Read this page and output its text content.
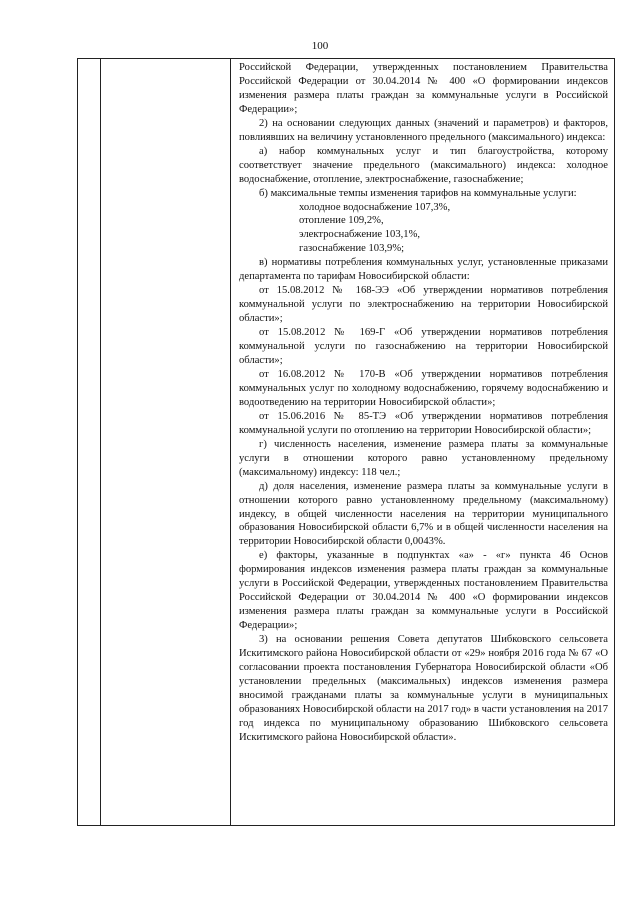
100

Российской Федерации, утвержденных постановлением Правительства Российской Федерации от 30.04.2014 № 400 «О формировании индексов изменения размера платы граждан за коммунальные услуги в Российской Федерации»;

2) на основании следующих данных (значений и параметров) и факторов, повлиявших на величину установленного предельного (максимального) индекса:

а) набор коммунальных услуг и тип благоустройства, которому соответствует значение предельного (максимального) индекса: холодное водоснабжение, отопление, электроснабжение, газоснабжение;

б) максимальные темпы изменения тарифов на коммунальные услуги:

холодное водоснабжение 107,3%,

отопление 109,2%,

электроснабжение 103,1%,

газоснабжение 103,9%;

в) нормативы потребления коммунальных услуг, установленные приказами департамента по тарифам Новосибирской области:

от 15.08.2012 № 168-ЭЭ «Об утверждении нормативов потребления коммунальной услуги по электроснабжению на территории Новосибирской области»;

от 15.08.2012 № 169-Г «Об утверждении нормативов потребления коммунальной услуги по газоснабжению на территории Новосибирской области»;

от 16.08.2012 № 170-В «Об утверждении нормативов потребления коммунальных услуг по холодному водоснабжению, горячему водоснабжению и водоотведению на территории Новосибирской области»;

от 15.06.2016 № 85-ТЭ «Об утверждении нормативов потребления коммунальной услуги по отоплению на территории Новосибирской области»;

г) численность населения, изменение размера платы за коммунальные услуги в отношении которого равно установленному предельному (максимальному) индексу: 118 чел.;

д) доля населения, изменение размера платы за коммунальные услуги в отношении которого равно установленному предельному (максимальному) индексу, в общей численности населения на территории муниципального образования Новосибирской области 6,7% и в общей численности населения на территории Новосибирской области 0,0043%.

е) факторы, указанные в подпунктах «а» - «г» пункта 46 Основ формирования индексов изменения размера платы граждан за коммунальные услуги в Российской Федерации, утвержденных постановлением Правительства Российской Федерации от 30.04.2014 № 400 «О формировании индексов изменения размера платы граждан за коммунальные услуги в Российской Федерации»;

3) на основании решения Совета депутатов Шибковского сельсовета Искитимского района Новосибирской области от «29» ноября 2016 года № 67 «О согласовании проекта постановления Губернатора Новосибирской области «Об установлении предельных (максимальных) индексов изменения размера вносимой гражданами платы за коммунальные услуги в муниципальных образованиях Новосибирской области на 2017 год» в части установления на 2017 год индекса по муниципальному образованию Шибковского сельсовета Искитимского района Новосибирской области».
